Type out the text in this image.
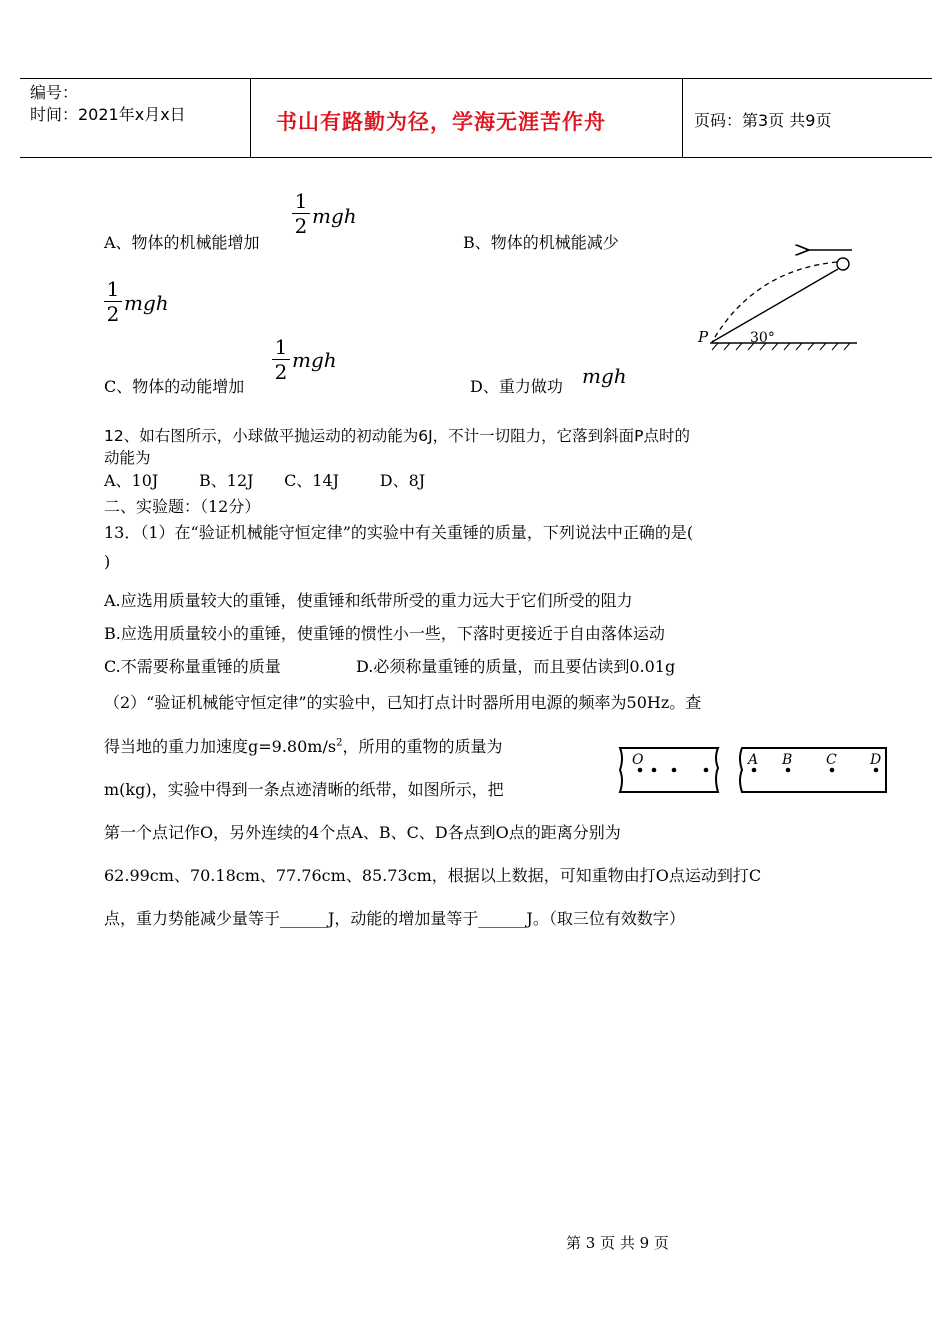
编号：
时间：2021年x月x日	书山有路勤为径，学海无涯苦作舟	页码：第3页 共9页
1
2 mgh
A、物体的机械能增加	B、物体的机械能减少
1
2 mgh
1
2 mgh
C、物体的动能增加	D、重力做功 mgh
P	30°
12、如右图所示，小球做平抛运动的初动能为6J，不计一切阻力，它落到斜面P点时的
动能为
A、10J        B、12J      C、14J        D、8J
二、实验题：（12分）
13．（1）在“验证机械能守恒定律”的实验中有关重锤的质量，下列说法中正确的是(
)
A.应选用质量较大的重锤，使重锤和纸带所受的重力远大于它们所受的阻力
B.应选用质量较小的重锤，使重锤的惯性小一些，下落时更接近于自由落体运动
C.不需要称量重锤的质量	D.必须称量重锤的质量，而且要估读到0.01g
（2）“验证机械能守恒定律”的实验中，已知打点计时器所用电源的频率为50Hz。查
得当地的重力加速度$g=9.80m/s^2$，所用的重物的质量为
m(kg)，实验中得到一条点迹清晰的纸带，如图所示，把
第一个点记作O，另外连续的4个点A、B、C、D各点到O点的距离分别为
62.99cm、70.18cm、77.76cm、85.73cm，根据以上数据，可知重物由打O点运动到打C
点，重力势能减少量等于______J，动能的增加量等于______J。（取三位有效数字）
O	A B C D
第 3 页 共 9 页
